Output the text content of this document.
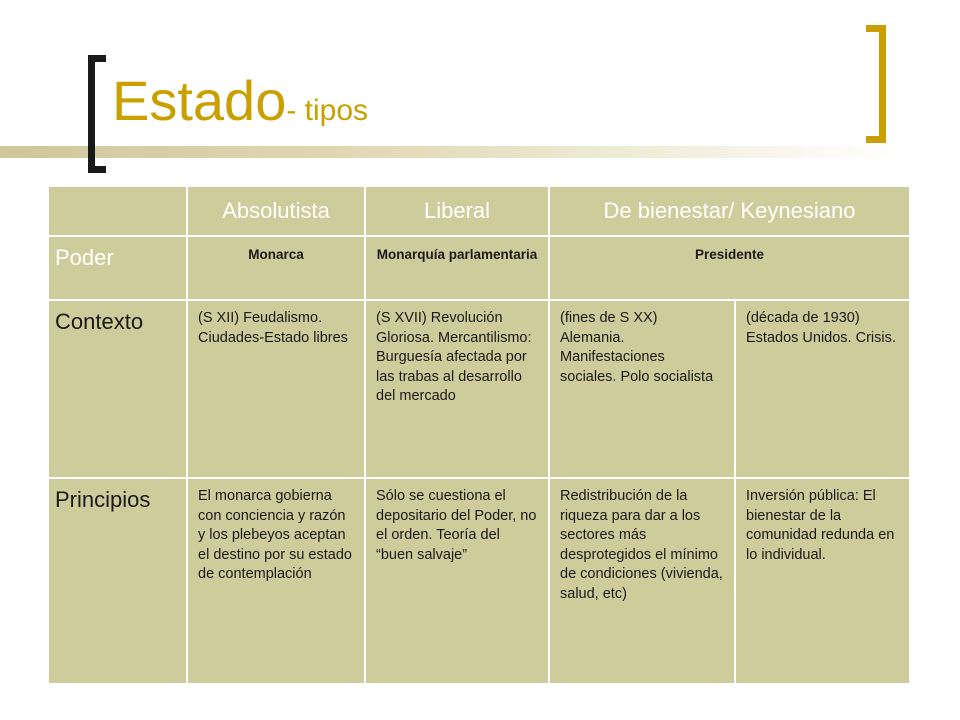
Estado- tipos
	Absolutista	Liberal	De bienestar/ Keynesiano	
Poder	Monarca	Monarquía parlamentaria	Presidente	
Contexto	(S XII) Feudalismo. Ciudades-Estado libres	(S XVII) Revolución Gloriosa. Mercantilismo: Burguesía afectada por las trabas al desarrollo del mercado	(fines de S XX) Alemania. Manifestaciones sociales. Polo socialista	(década de 1930) Estados Unidos. Crisis.
Principios	El monarca gobierna con conciencia y razón y los plebeyos aceptan el destino por su estado de contemplación	Sólo se cuestiona el depositario del Poder, no el orden. Teoría del “buen salvaje”	Redistribución de la riqueza para dar a los sectores más desprotegidos el mínimo de condiciones (vivienda, salud, etc)	Inversión pública: El bienestar de la comunidad redunda en lo individual.
